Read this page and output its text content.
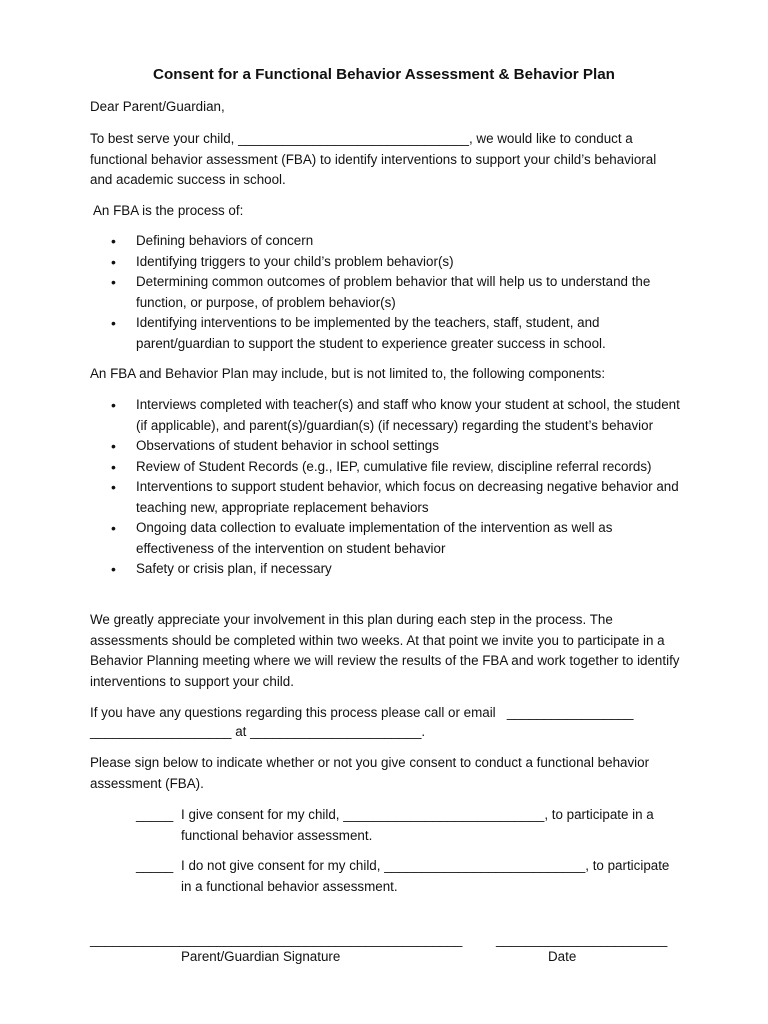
Consent for a Functional Behavior Assessment & Behavior Plan

Dear Parent/Guardian,

To best serve your child, _______________________________, we would like to conduct a functional behavior assessment (FBA) to identify interventions to support your child’s behavioral and academic success in school.

An FBA is the process of:

• Defining behaviors of concern
• Identifying triggers to your child’s problem behavior(s)
• Determining common outcomes of problem behavior that will help us to understand the function, or purpose, of problem behavior(s)
• Identifying interventions to be implemented by the teachers, staff, student, and parent/guardian to support the student to experience greater success in school.

An FBA and Behavior Plan may include, but is not limited to, the following components:

• Interviews completed with teacher(s) and staff who know your student at school, the student (if applicable), and parent(s)/guardian(s) (if necessary) regarding the student’s behavior
• Observations of student behavior in school settings
• Review of Student Records (e.g., IEP, cumulative file review, discipline referral records)
• Interventions to support student behavior, which focus on decreasing negative behavior and teaching new, appropriate replacement behaviors
• Ongoing data collection to evaluate implementation of the intervention as well as effectiveness of the intervention on student behavior
• Safety or crisis plan, if necessary

We greatly appreciate your involvement in this plan during each step in the process. The assessments should be completed within two weeks. At that point we invite you to participate in a Behavior Planning meeting where we will review the results of the FBA and work together to identify interventions to support your child.

If you have any questions regarding this process please call or email   _________________

___________________ at _______________________.

Please sign below to indicate whether or not you give consent to conduct a functional behavior assessment (FBA).

_____ I give consent for my child, ___________________________, to participate in a functional behavior assessment.
_____ I do not give consent for my child, ___________________________, to participate in a functional behavior assessment.
__________________________________________________	_______________________
Parent/Guardian Signature	Date
